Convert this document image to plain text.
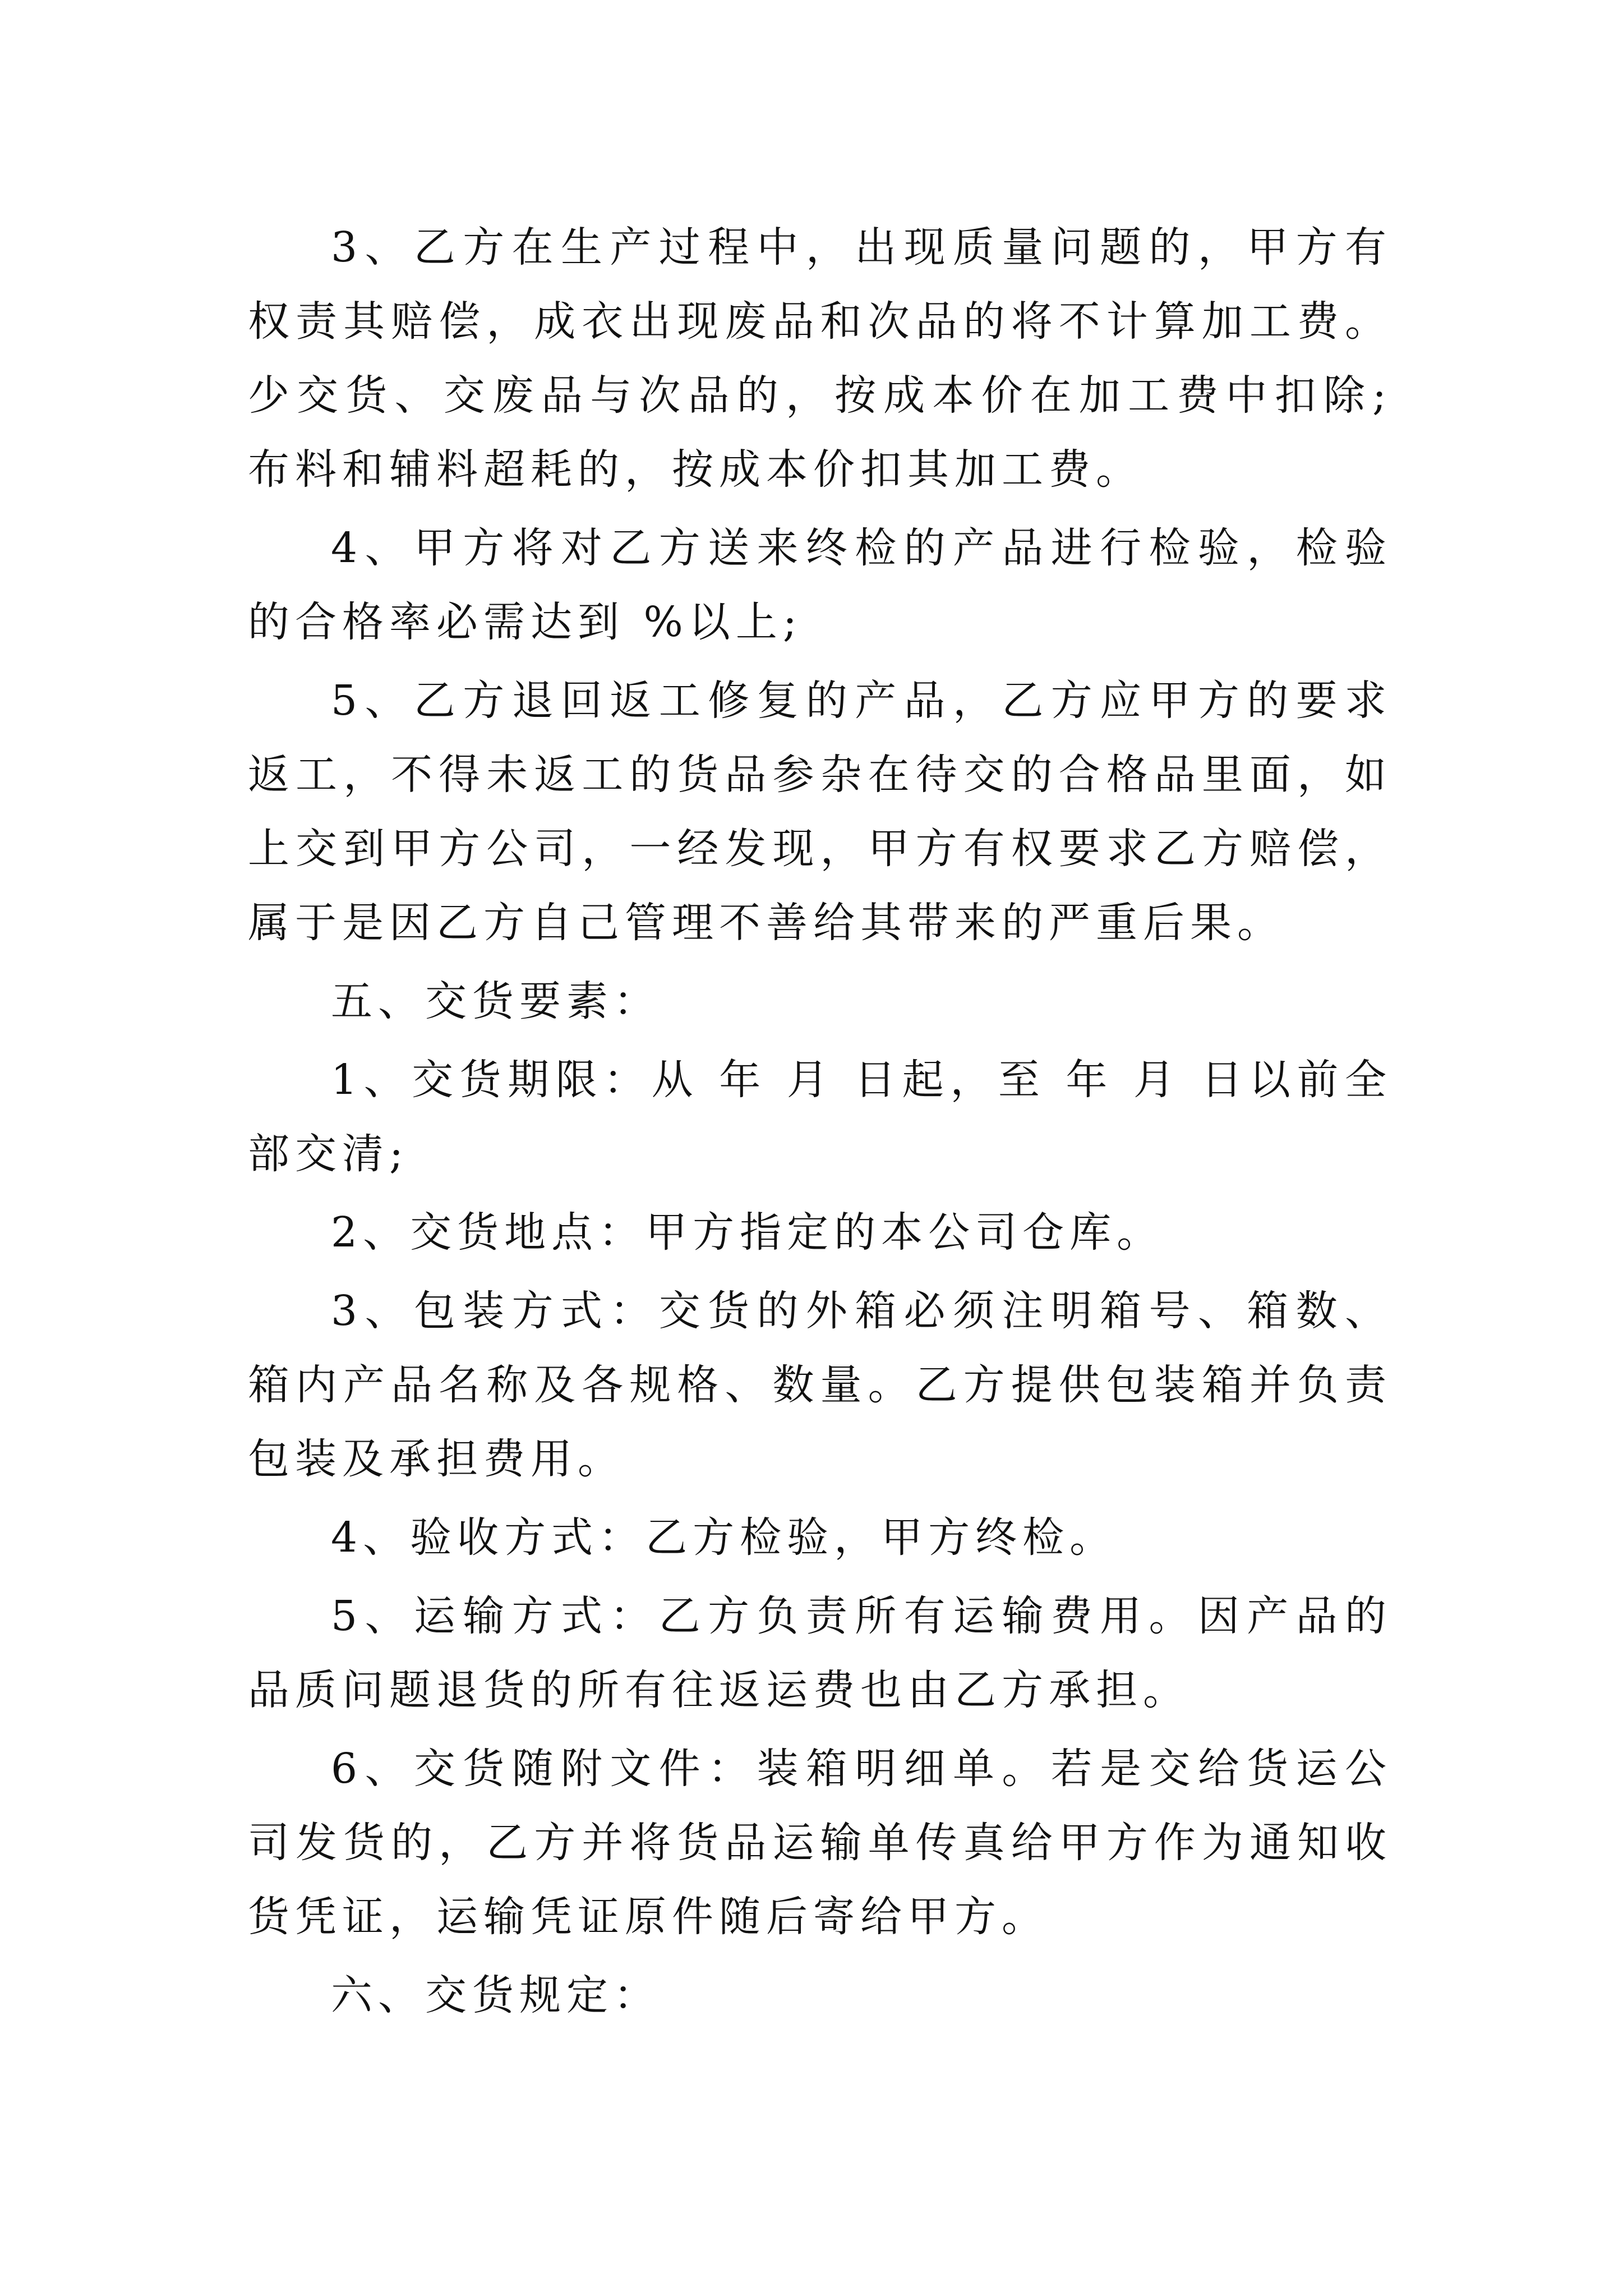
3、乙方在生产过程中，出现质量问题的，甲方有权责其赔偿，成衣出现废品和次品的将不计算加工费。少交货、交废品与次品的，按成本价在加工费中扣除;布料和辅料超耗的，按成本价扣其加工费。

4、甲方将对乙方送来终检的产品进行检验，检验的合格率必需达到 %以上;

5、乙方退回返工修复的产品，乙方应甲方的要求返工，不得未返工的货品参杂在待交的合格品里面，如上交到甲方公司，一经发现，甲方有权要求乙方赔偿，属于是因乙方自己管理不善给其带来的严重后果。

五、交货要素：

1、交货期限：从 年 月 日起，至 年 月 日以前全部交清;

2、交货地点：甲方指定的本公司仓库。

3、包装方式：交货的外箱必须注明箱号、箱数、箱内产品名称及各规格、数量。乙方提供包装箱并负责包装及承担费用。

4、验收方式：乙方检验，甲方终检。

5、运输方式：乙方负责所有运输费用。因产品的品质问题退货的所有往返运费也由乙方承担。

6、交货随附文件：装箱明细单。若是交给货运公司发货的，乙方并将货品运输单传真给甲方作为通知收货凭证，运输凭证原件随后寄给甲方。

六、交货规定：
